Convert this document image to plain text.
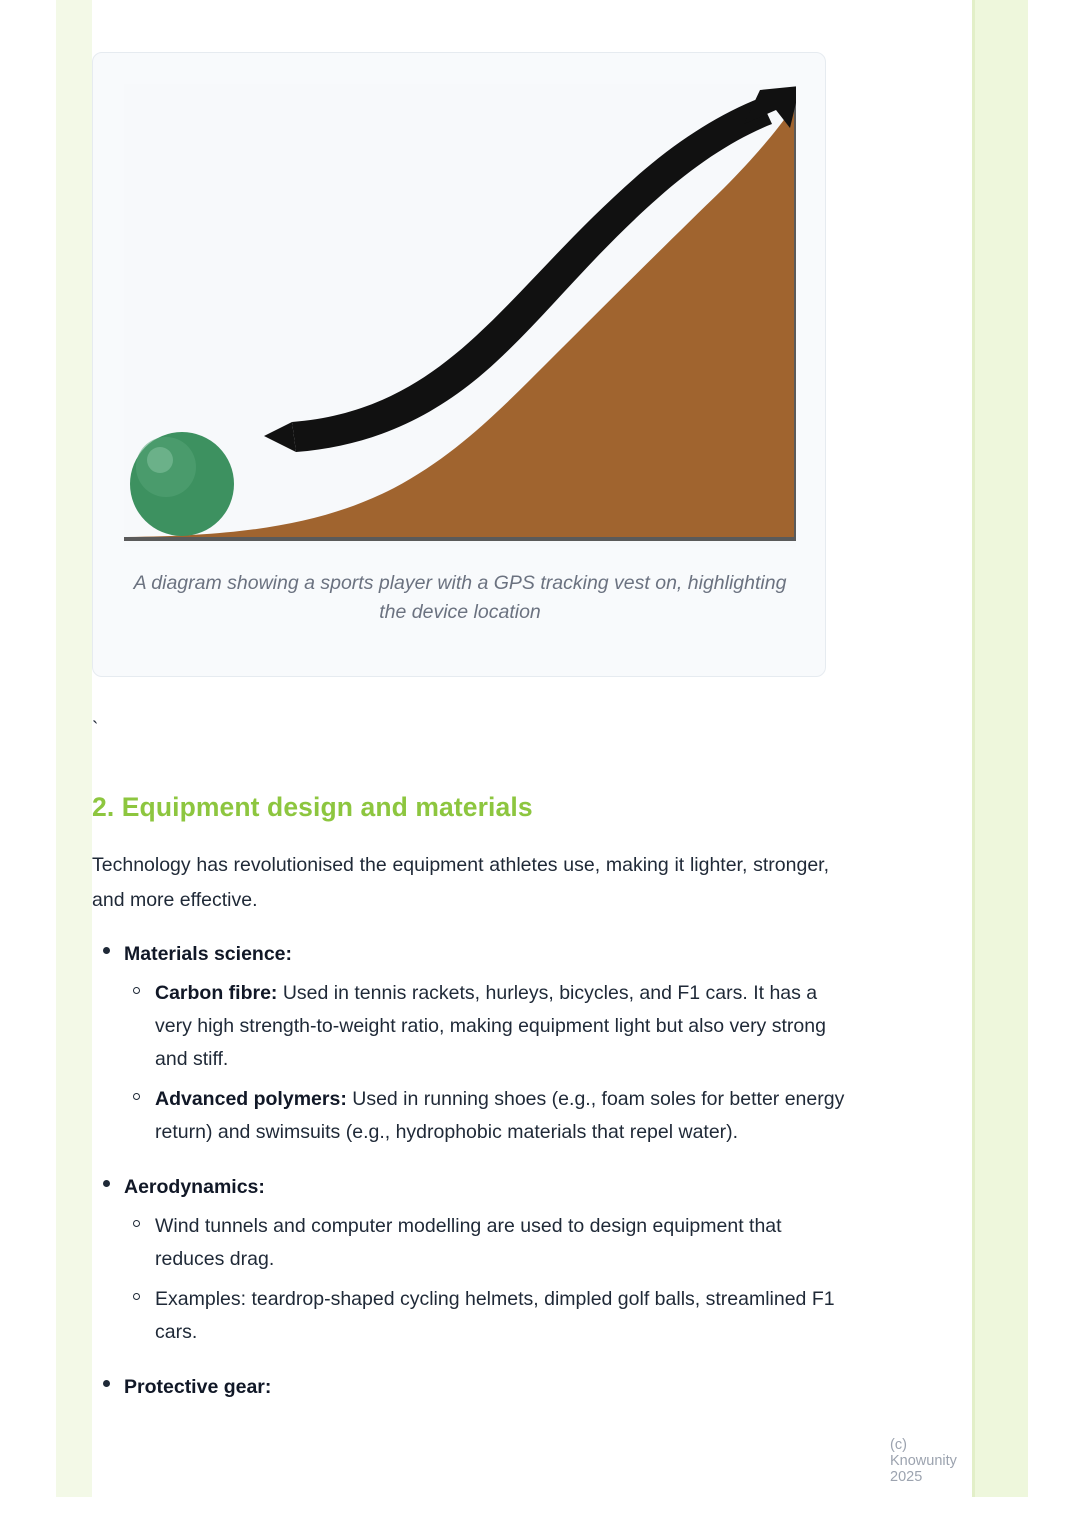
A diagram showing a sports player with a GPS tracking vest on, highlighting the device location
`
2. Equipment design and materials
Technology has revolutionised the equipment athletes use, making it lighter, stronger, and more effective.
Materials science:
Carbon fibre: Used in tennis rackets, hurleys, bicycles, and F1 cars. It has a very high strength-to-weight ratio, making equipment light but also very strong and stiff.
Advanced polymers: Used in running shoes (e.g., foam soles for better energy return) and swimsuits (e.g., hydrophobic materials that repel water).
Aerodynamics:
Wind tunnels and computer modelling are used to design equipment that reduces drag.
Examples: teardrop-shaped cycling helmets, dimpled golf balls, streamlined F1 cars.
Protective gear:
(c) Knowunity 2025
